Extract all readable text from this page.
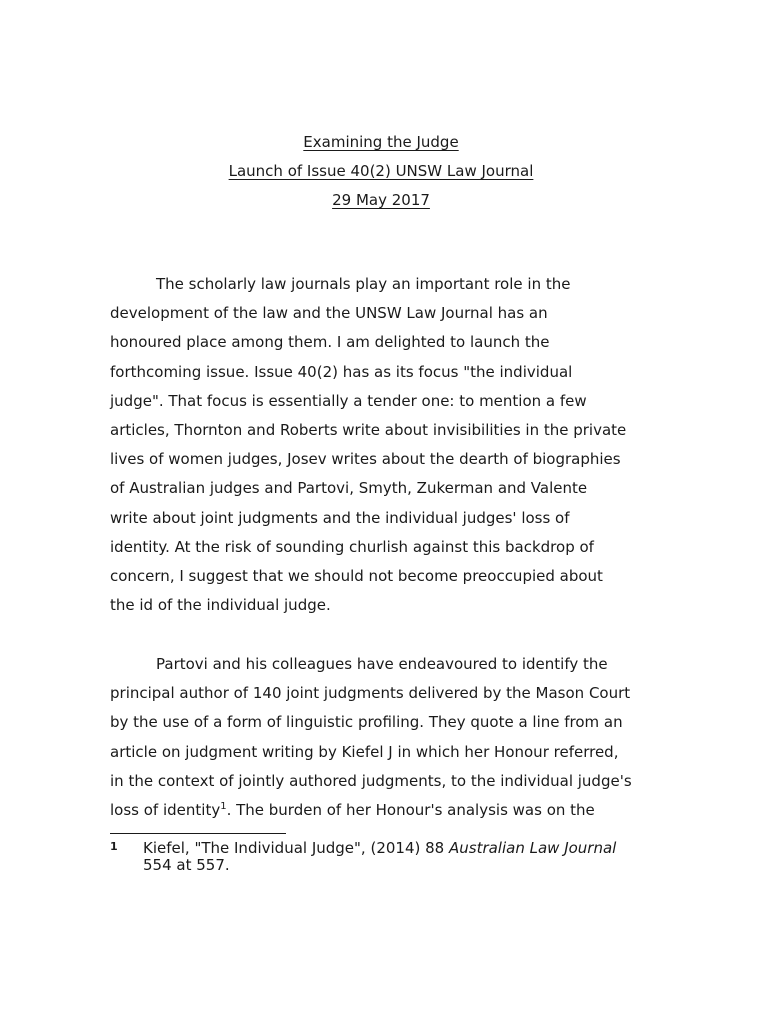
Examining the Judge
Launch of Issue 40(2) UNSW Law Journal
29 May 2017
The scholarly law journals play an important role in the
development of the law and the UNSW Law Journal has an
honoured place among them. I am delighted to launch the
forthcoming issue. Issue 40(2) has as its focus "the individual
judge". That focus is essentially a tender one: to mention a few
articles, Thornton and Roberts write about invisibilities in the private
lives of women judges, Josev writes about the dearth of biographies
of Australian judges and Partovi, Smyth, Zukerman and Valente
write about joint judgments and the individual judges' loss of
identity. At the risk of sounding churlish against this backdrop of
concern, I suggest that we should not become preoccupied about
the id of the individual judge.
Partovi and his colleagues have endeavoured to identify the
principal author of 140 joint judgments delivered by the Mason Court
by the use of a form of linguistic profiling. They quote a line from an
article on judgment writing by Kiefel J in which her Honour referred,
in the context of jointly authored judgments, to the individual judge's
loss of identity$^1$. The burden of her Honour's analysis was on the
1	Kiefel, "The Individual Judge", (2014) 88 Australian Law Journal
554 at 557.
